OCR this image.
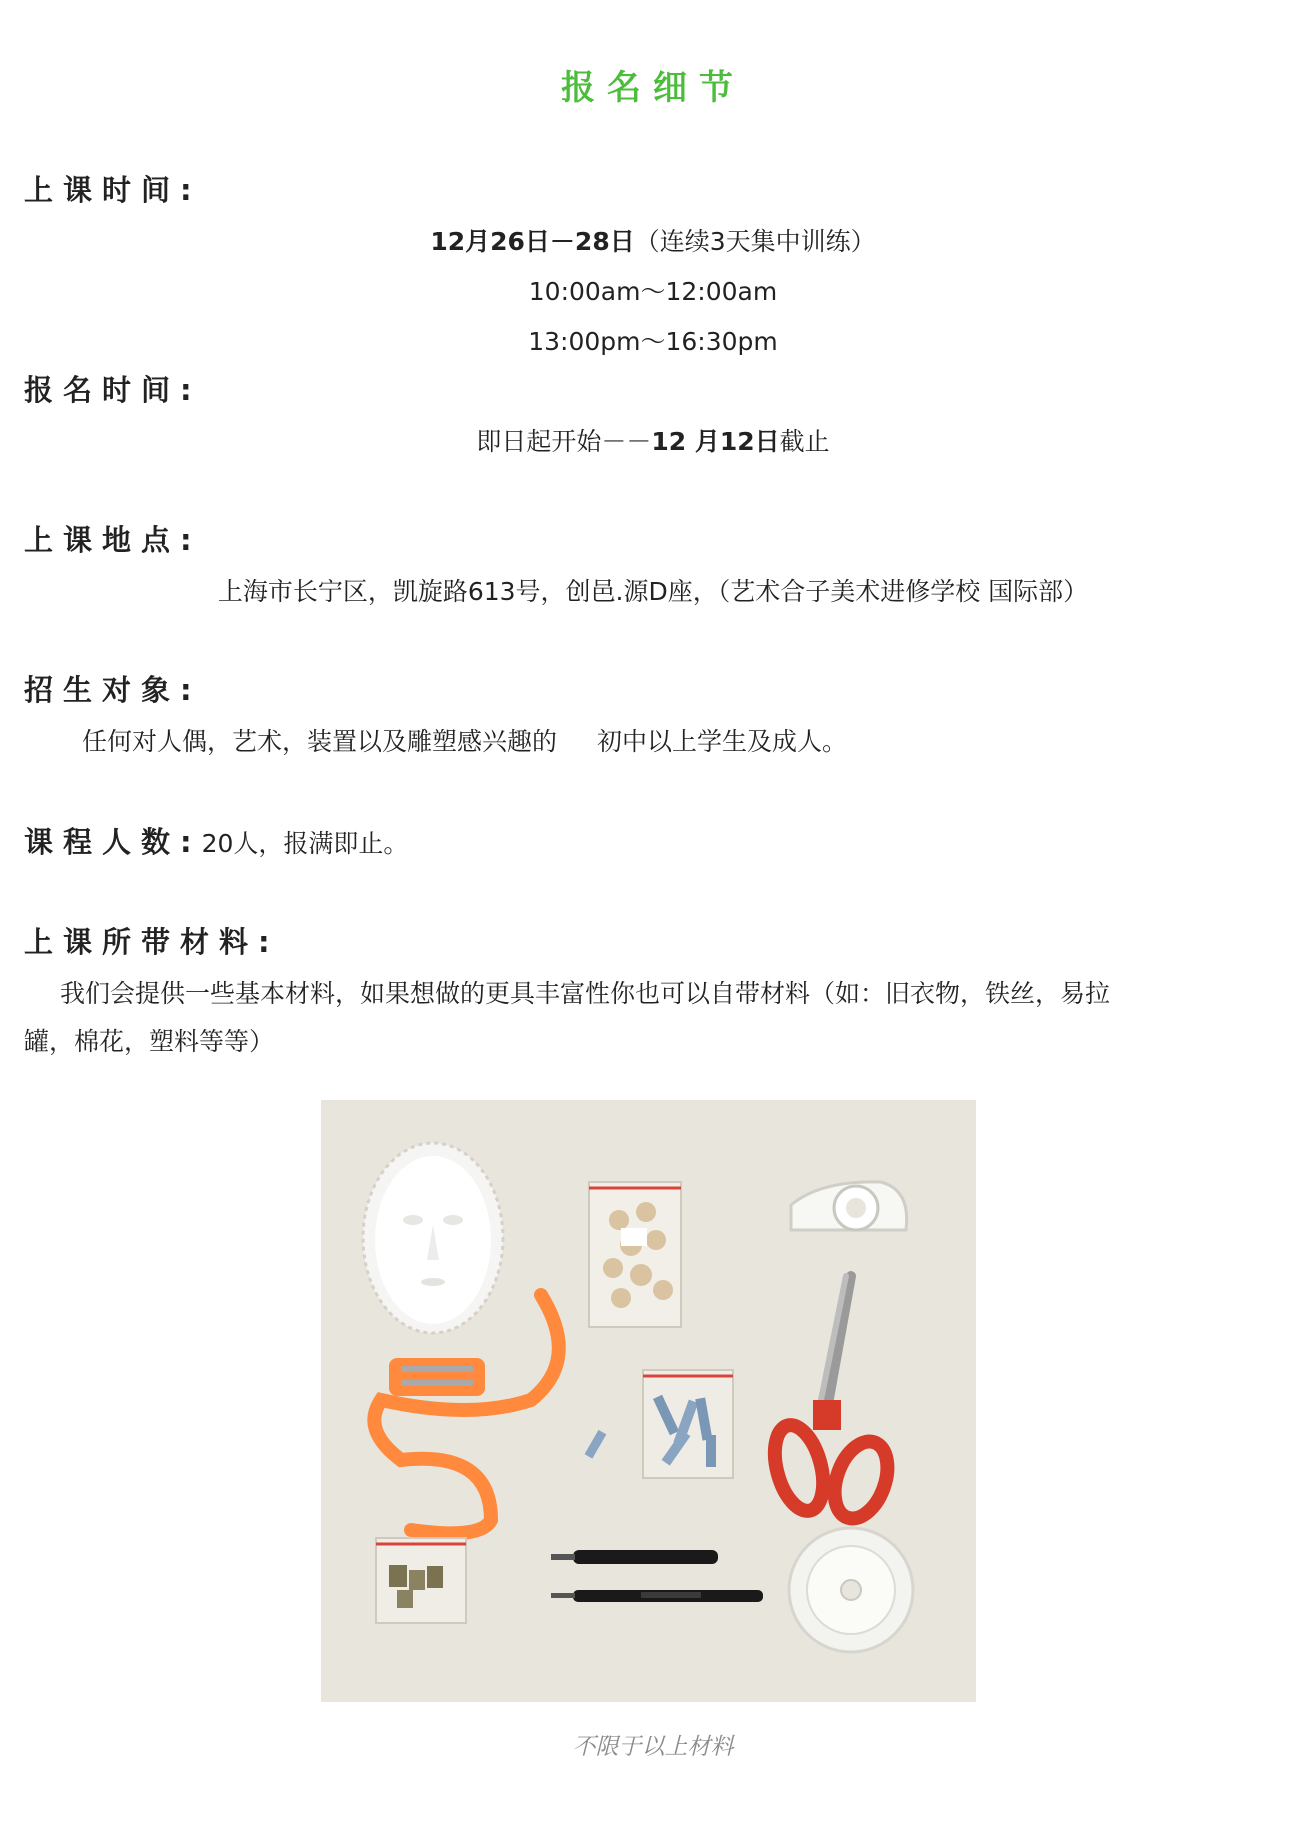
报名细节
上课时间:
12月26日－28日（连续3天集中训练）
10:00am～12:00am
13:00pm～16:30pm
报名时间:
即日起开始－－12 月12日截止
上课地点:
上海市长宁区，凯旋路613号，创邑.源D座，（艺术合子美术进修学校 国际部）
招生对象:
任何对人偶，艺术，装置以及雕塑感兴趣的 初中以上学生及成人。
课程人数:20人，报满即止。
上课所带材料:
我们会提供一些基本材料，如果想做的更具丰富性你也可以自带材料（如：旧衣物，铁丝，易拉
罐，棉花，塑料等等）
不限于以上材料
